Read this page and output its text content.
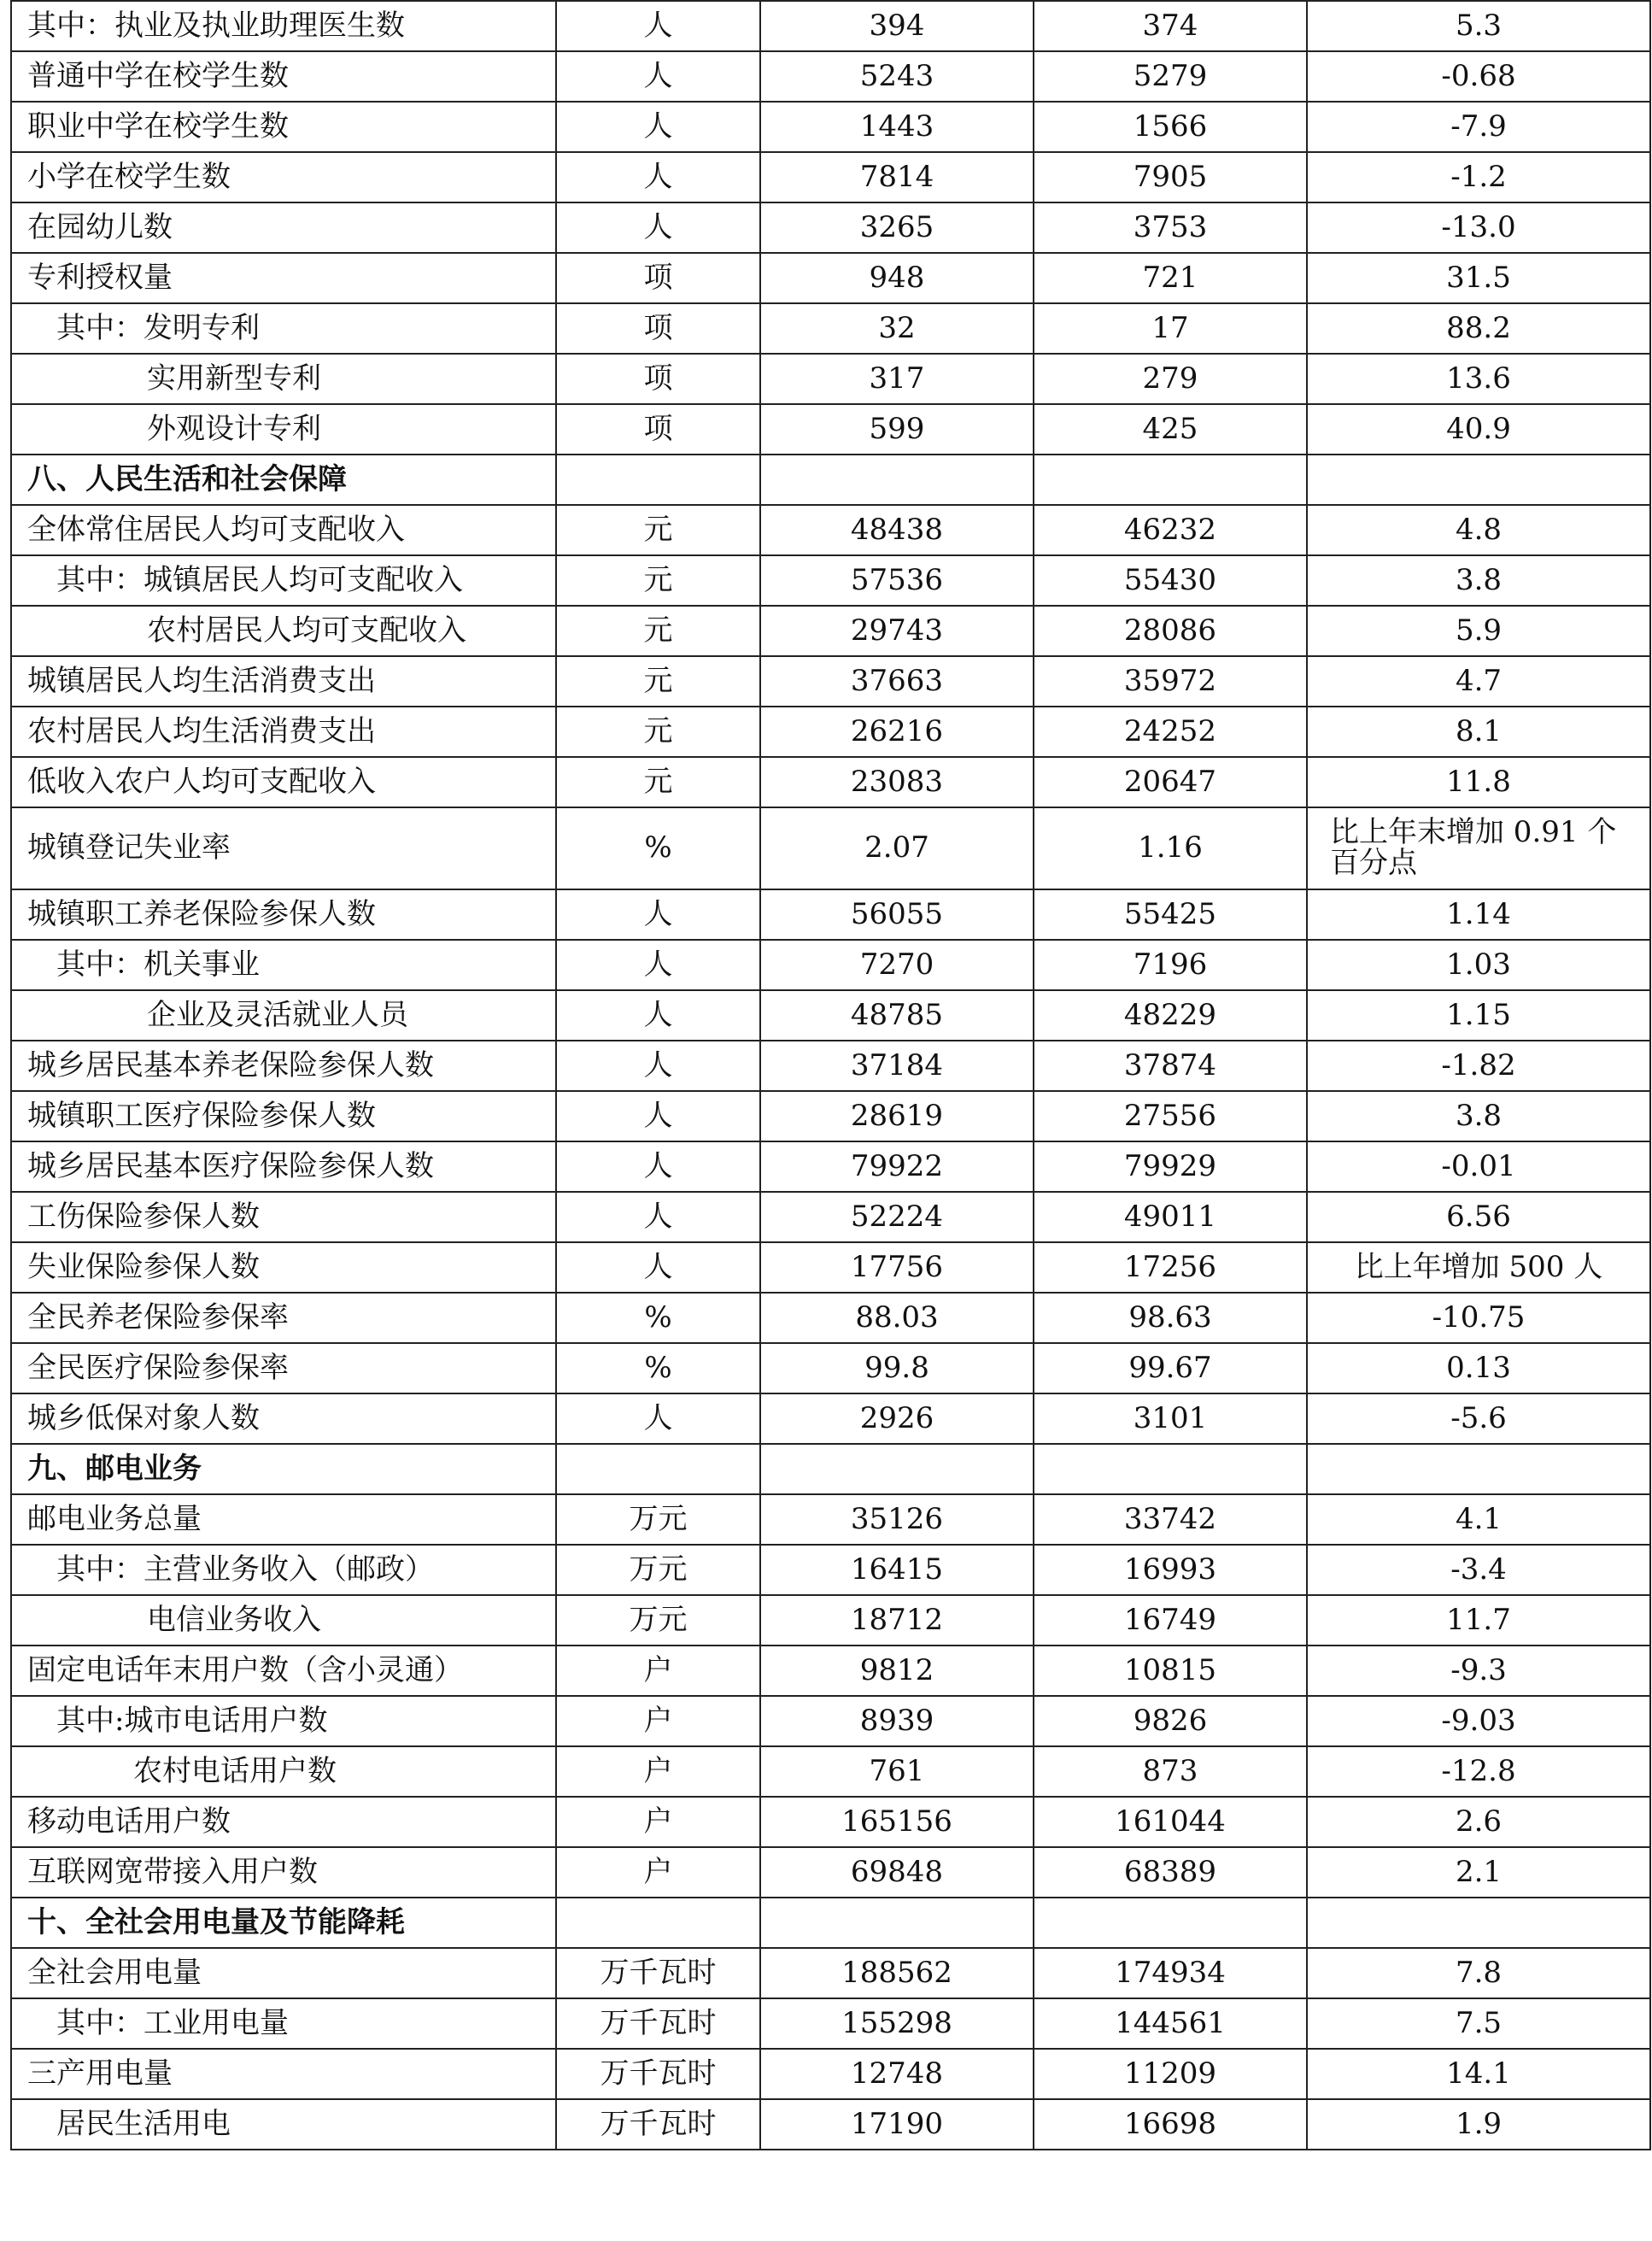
其中：执业及执业助理医生数	人	394	374	5.3
普通中学在校学生数	人	5243	5279	-0.68
职业中学在校学生数	人	1443	1566	-7.9
小学在校学生数	人	7814	7905	-1.2
在园幼儿数	人	3265	3753	-13.0
专利授权量	项	948	721	31.5
其中：发明专利	项	32	17	88.2
实用新型专利	项	317	279	13.6
外观设计专利	项	599	425	40.9
八、人民生活和社会保障				
全体常住居民人均可支配收入	元	48438	46232	4.8
其中：城镇居民人均可支配收入	元	57536	55430	3.8
农村居民人均可支配收入	元	29743	28086	5.9
城镇居民人均生活消费支出	元	37663	35972	4.7
农村居民人均生活消费支出	元	26216	24252	8.1
低收入农户人均可支配收入	元	23083	20647	11.8
城镇登记失业率	%	2.07	1.16	比上年末增加 0.91 个百分点
城镇职工养老保险参保人数	人	56055	55425	1.14
其中：机关事业	人	7270	7196	1.03
企业及灵活就业人员	人	48785	48229	1.15
城乡居民基本养老保险参保人数	人	37184	37874	-1.82
城镇职工医疗保险参保人数	人	28619	27556	3.8
城乡居民基本医疗保险参保人数	人	79922	79929	-0.01
工伤保险参保人数	人	52224	49011	6.56
失业保险参保人数	人	17756	17256	比上年增加 500 人
全民养老保险参保率	%	88.03	98.63	-10.75
全民医疗保险参保率	%	99.8	99.67	0.13
城乡低保对象人数	人	2926	3101	-5.6
九、邮电业务				
邮电业务总量	万元	35126	33742	4.1
其中：主营业务收入（邮政）	万元	16415	16993	-3.4
电信业务收入	万元	18712	16749	11.7
固定电话年末用户数（含小灵通）	户	9812	10815	-9.3
其中:城市电话用户数	户	8939	9826	-9.03
农村电话用户数	户	761	873	-12.8
移动电话用户数	户	165156	161044	2.6
互联网宽带接入用户数	户	69848	68389	2.1
十、全社会用电量及节能降耗				
全社会用电量	万千瓦时	188562	174934	7.8
其中：工业用电量	万千瓦时	155298	144561	7.5
三产用电量	万千瓦时	12748	11209	14.1
居民生活用电	万千瓦时	17190	16698	1.9
